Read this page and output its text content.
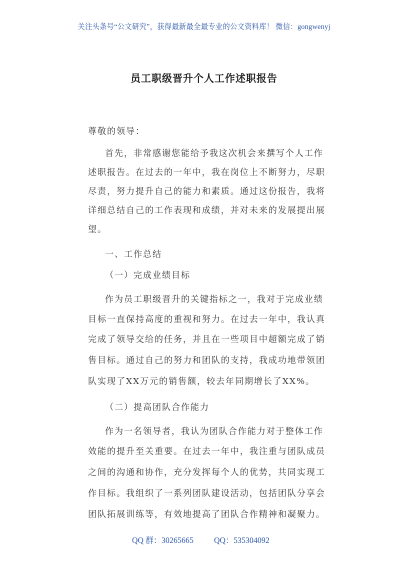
关注头条号“公文研究”，获得最新最全最专业的公文资料库！ 微信：gongwenyj
员工职级晋升个人工作述职报告
尊敬的领导：
首先，非常感谢您能给予我这次机会来撰写个人工作
述职报告。在过去的一年中，我在岗位上不断努力，尽职
尽责，努力提升自己的能力和素质。通过这份报告，我将
详细总结自己的工作表现和成绩，并对未来的发展提出展
望。
一、工作总结
（一）完成业绩目标
作为员工职级晋升的关键指标之一，我对于完成业绩
目标一直保持高度的重视和努力。在过去一年中，我认真
完成了领导交给的任务，并且在一些项目中超额完成了销
售目标。通过自己的努力和团队的支持，我成功地带领团
队实现了XX万元的销售额，较去年同期增长了XX%。
（二）提高团队合作能力
作为一名领导者，我认为团队合作能力对于整体工作
效能的提升至关重要。在过去一年中，我注重与团队成员
之间的沟通和协作，充分发挥每个人的优势，共同实现工
作目标。我组织了一系列团队建设活动，包括团队分享会
团队拓展训练等，有效地提高了团队合作精神和凝聚力。
QQ 群：30265665	QQ：535304092
